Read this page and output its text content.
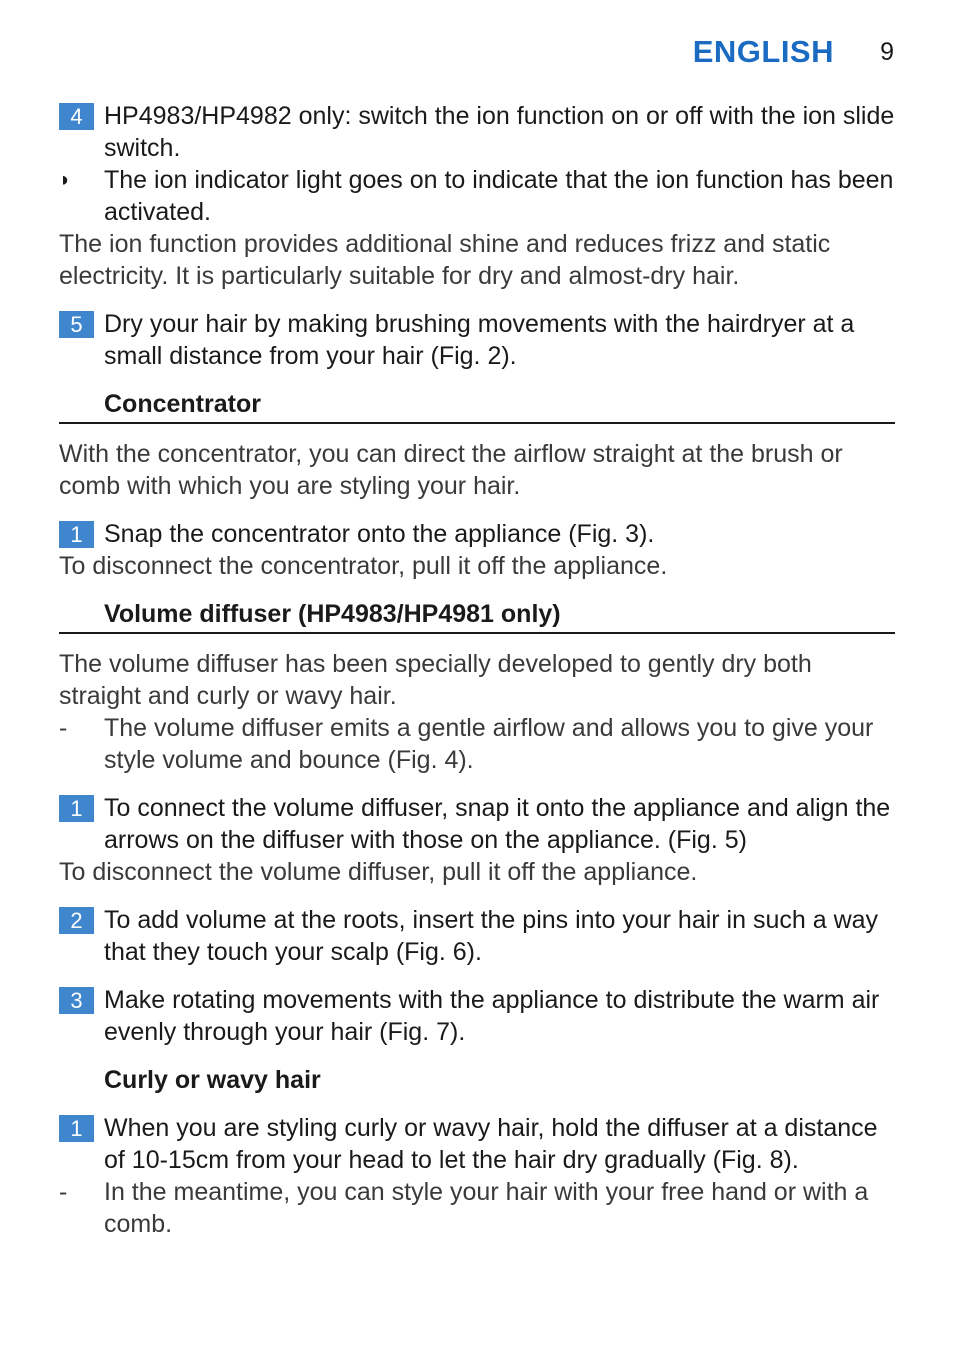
ENGLISH 9
4 HP4983/HP4982 only: switch the ion function on or off with the ion slide switch.
◗	The ion indicator light goes on to indicate that the ion function has been activated.
The ion function provides additional shine and reduces frizz and static electricity. It is particularly suitable for dry and almost-dry hair.
5 Dry your hair by making brushing movements with the hairdryer at a small distance from your hair (Fig. 2).
Concentrator
With the concentrator, you can direct the airflow straight at the brush or comb with which you are styling your hair.
1 Snap the concentrator onto the appliance (Fig. 3).
To disconnect the concentrator, pull it off the appliance.
Volume diffuser (HP4983/HP4981 only)
The volume diffuser has been specially developed to gently dry both straight and curly or wavy hair.
- The volume diffuser emits a gentle airflow and allows you to give your style volume and bounce (Fig. 4).
1 To connect the volume diffuser, snap it onto the appliance and align the arrows on the diffuser with those on the appliance. (Fig. 5)
To disconnect the volume diffuser, pull it off the appliance.
2 To add volume at the roots, insert the pins into your hair in such a way that they touch your scalp (Fig. 6).
3 Make rotating movements with the appliance to distribute the warm air evenly through your hair (Fig. 7).
Curly or wavy hair
1 When you are styling curly or wavy hair, hold the diffuser at a distance of 10-15cm from your head to let the hair dry gradually (Fig. 8).
- In the meantime, you can style your hair with your free hand or with a comb.
